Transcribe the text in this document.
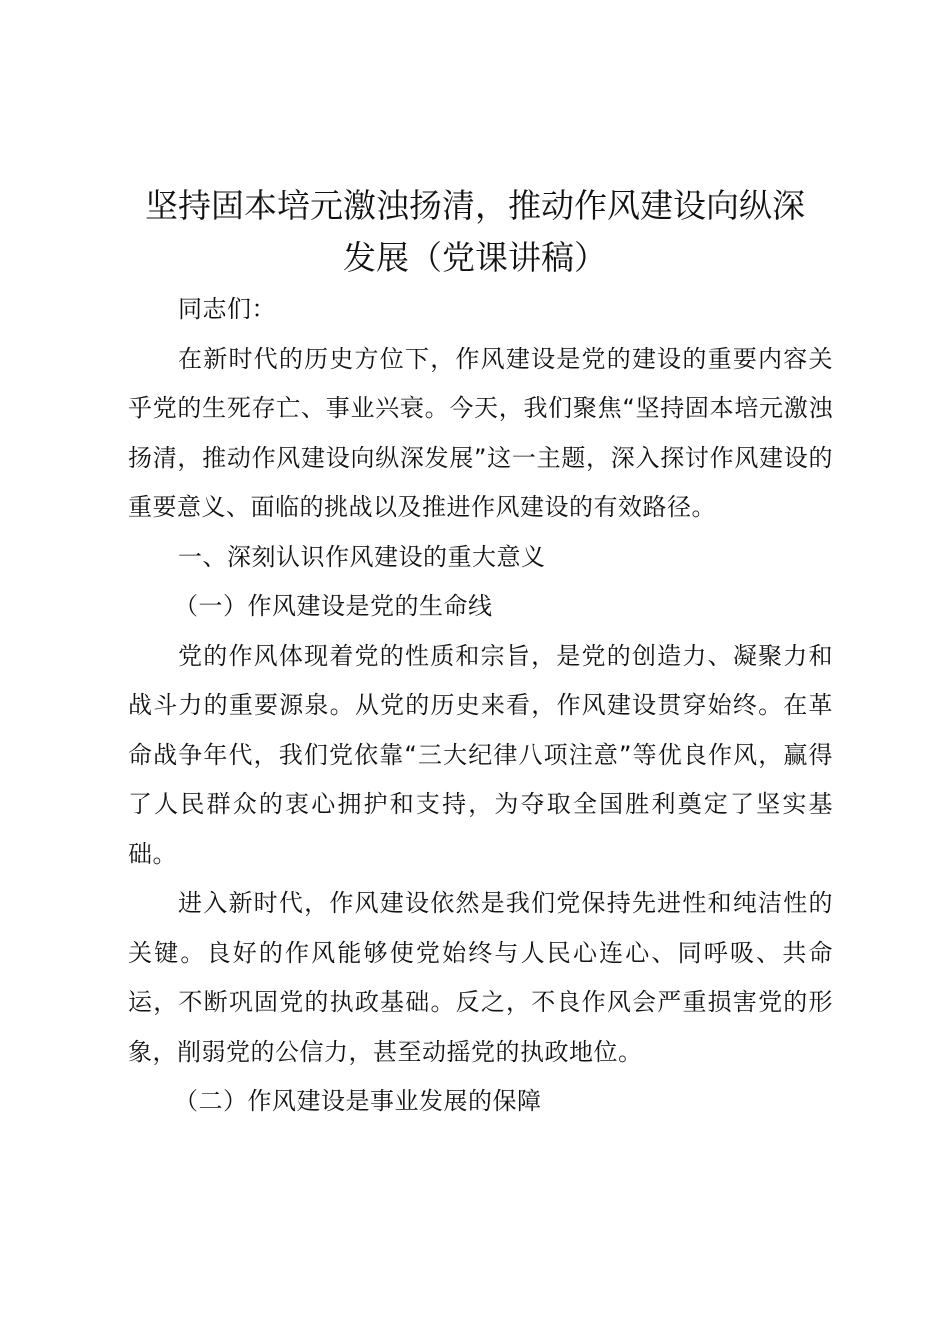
坚持固本培元激浊扬清，推动作风建设向纵深
发展（党课讲稿）

同志们：

在新时代的历史方位下，作风建设是党的建设的重要内容关乎党的生死存亡、事业兴衰。今天，我们聚焦“坚持固本培元激浊扬清，推动作风建设向纵深发展”这一主题，深入探讨作风建设的重要意义、面临的挑战以及推进作风建设的有效路径。

一、深刻认识作风建设的重大意义

（一）作风建设是党的生命线

党的作风体现着党的性质和宗旨，是党的创造力、凝聚力和战斗力的重要源泉。从党的历史来看，作风建设贯穿始终。在革命战争年代，我们党依靠“三大纪律八项注意”等优良作风，赢得了人民群众的衷心拥护和支持，为夺取全国胜利奠定了坚实基础。

进入新时代，作风建设依然是我们党保持先进性和纯洁性的关键。良好的作风能够使党始终与人民心连心、同呼吸、共命运，不断巩固党的执政基础。反之，不良作风会严重损害党的形象，削弱党的公信力，甚至动摇党的执政地位。

（二）作风建设是事业发展的保障
